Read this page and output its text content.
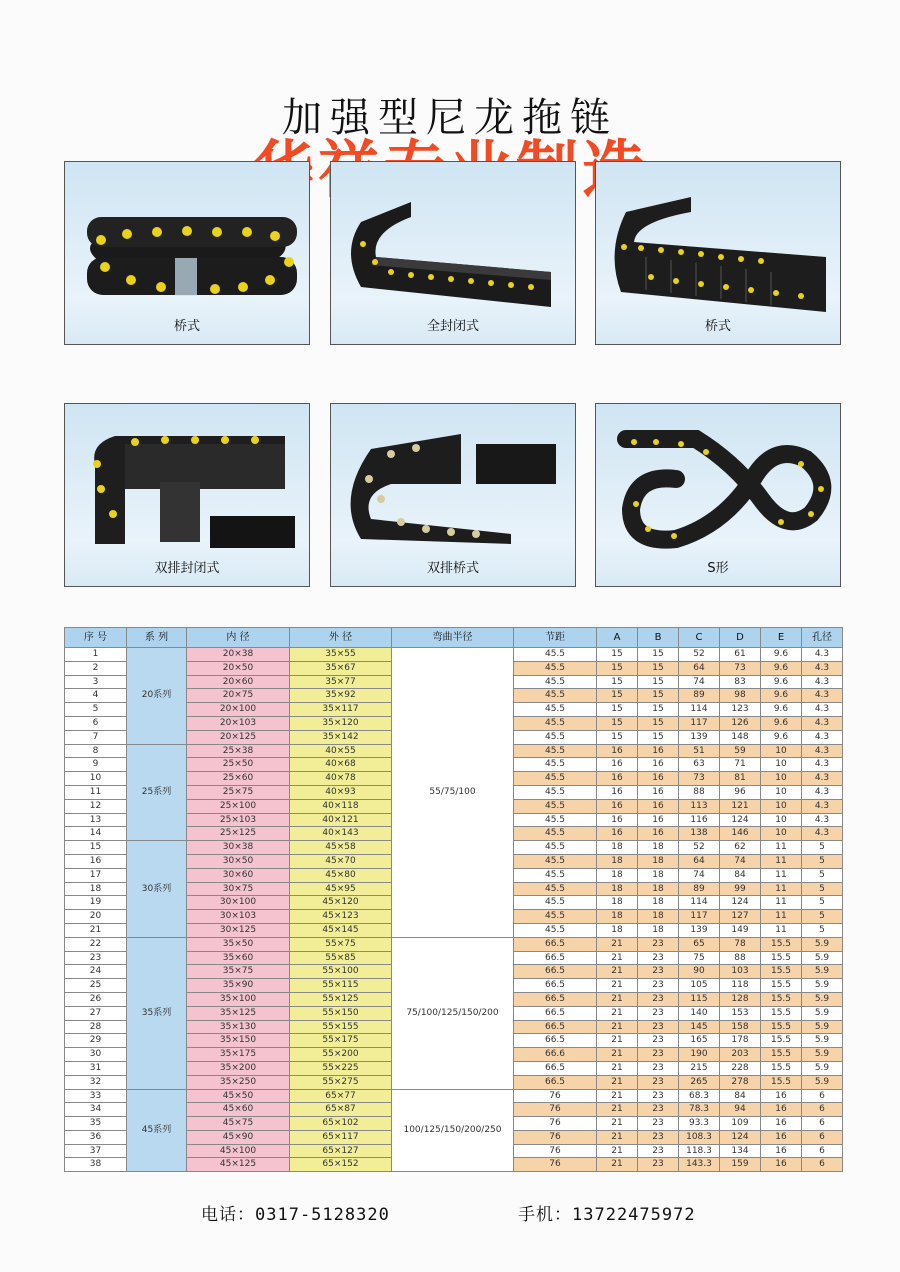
加强型尼龙拖链
桥式	全封闭式	桥式
双排封闭式	双排桥式	S形
序 号	系 列	内 径	外 径	弯曲半径	节距	A	B	C	D	E	孔径
1	20系列	20×38	35×55	55/75/100	45.5	15	15	52	61	9.6	4.3
2		20×50	35×67		45.5	15	15	64	73	9.6	4.3
3		20×60	35×77		45.5	15	15	74	83	9.6	4.3
4		20×75	35×92		45.5	15	15	89	98	9.6	4.3
5		20×100	35×117		45.5	15	15	114	123	9.6	4.3
6		20×103	35×120		45.5	15	15	117	126	9.6	4.3
7		20×125	35×142		45.5	15	15	139	148	9.6	4.3
8	25系列	25×38	40×55		45.5	16	16	51	59	10	4.3
9		25×50	40×68		45.5	16	16	63	71	10	4.3
10		25×60	40×78		45.5	16	16	73	81	10	4.3
11		25×75	40×93		45.5	16	16	88	96	10	4.3
12		25×100	40×118		45.5	16	16	113	121	10	4.3
13		25×103	40×121		45.5	16	16	116	124	10	4.3
14		25×125	40×143		45.5	16	16	138	146	10	4.3
15	30系列	30×38	45×58		45.5	18	18	52	62	11	5
16		30×50	45×70		45.5	18	18	64	74	11	5
17		30×60	45×80		45.5	18	18	74	84	11	5
18		30×75	45×95		45.5	18	18	89	99	11	5
19		30×100	45×120		45.5	18	18	114	124	11	5
20		30×103	45×123		45.5	18	18	117	127	11	5
21		30×125	45×145		45.5	18	18	139	149	11	5
22	35系列	35×50	55×75	75/100/125/150/200	66.5	21	23	65	78	15.5	5.9
23		35×60	55×85		66.5	21	23	75	88	15.5	5.9
24		35×75	55×100		66.5	21	23	90	103	15.5	5.9
25		35×90	55×115		66.5	21	23	105	118	15.5	5.9
26		35×100	55×125		66.5	21	23	115	128	15.5	5.9
27		35×125	55×150		66.5	21	23	140	153	15.5	5.9
28		35×130	55×155		66.5	21	23	145	158	15.5	5.9
29		35×150	55×175		66.5	21	23	165	178	15.5	5.9
30		35×175	55×200		66.6	21	23	190	203	15.5	5.9
31		35×200	55×225		66.5	21	23	215	228	15.5	5.9
32		35×250	55×275		66.5	21	23	265	278	15.5	5.9
33	45系列	45×50	65×77	100/125/150/200/250	76	21	23	68.3	84	16	6
34		45×60	65×87		76	21	23	78.3	94	16	6
35		45×75	65×102		76	21	23	93.3	109	16	6
36		45×90	65×117		76	21	23	108.3	124	16	6
37		45×100	65×127		76	21	23	118.3	134	16	6
38		45×125	65×152		76	21	23	143.3	159	16	6
电话：0317-5128320	手机：13722475972
